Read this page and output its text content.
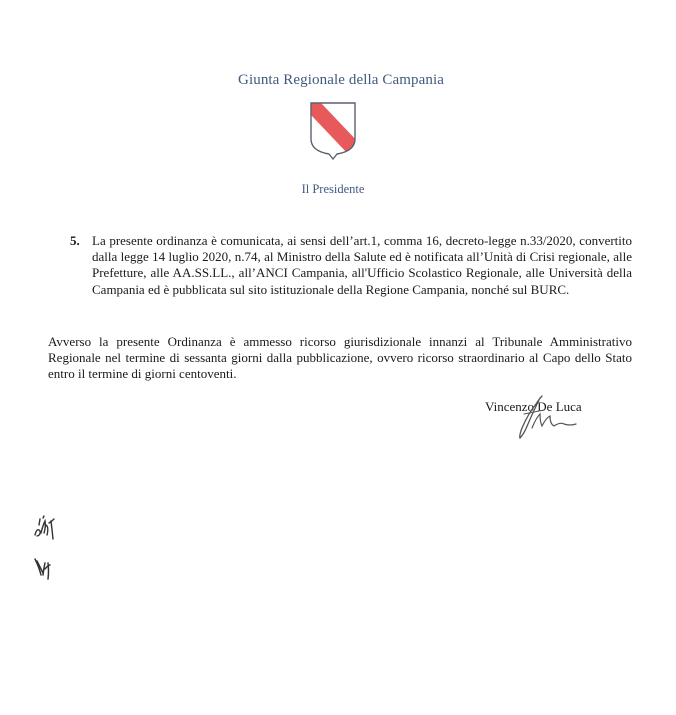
Giunta Regionale della Campania
Il Presidente
5. La presente ordinanza è comunicata, ai sensi dell’art.1, comma 16, decreto-legge n.33/2020, convertito dalla legge 14 luglio 2020, n.74, al Ministro della Salute ed è notificata all’Unità di Crisi regionale, alle Prefetture, alle AA.SS.LL., all’ANCI Campania, all'Ufficio Scolastico Regionale, alle Università della Campania ed è pubblicata sul sito istituzionale della Regione Campania, nonché sul BURC.
Avverso la presente Ordinanza è ammesso ricorso giurisdizionale innanzi al Tribunale Amministrativo Regionale nel termine di sessanta giorni dalla pubblicazione, ovvero ricorso straordinario al Capo dello Stato entro il termine di giorni centoventi.
Vincenzo De Luca
